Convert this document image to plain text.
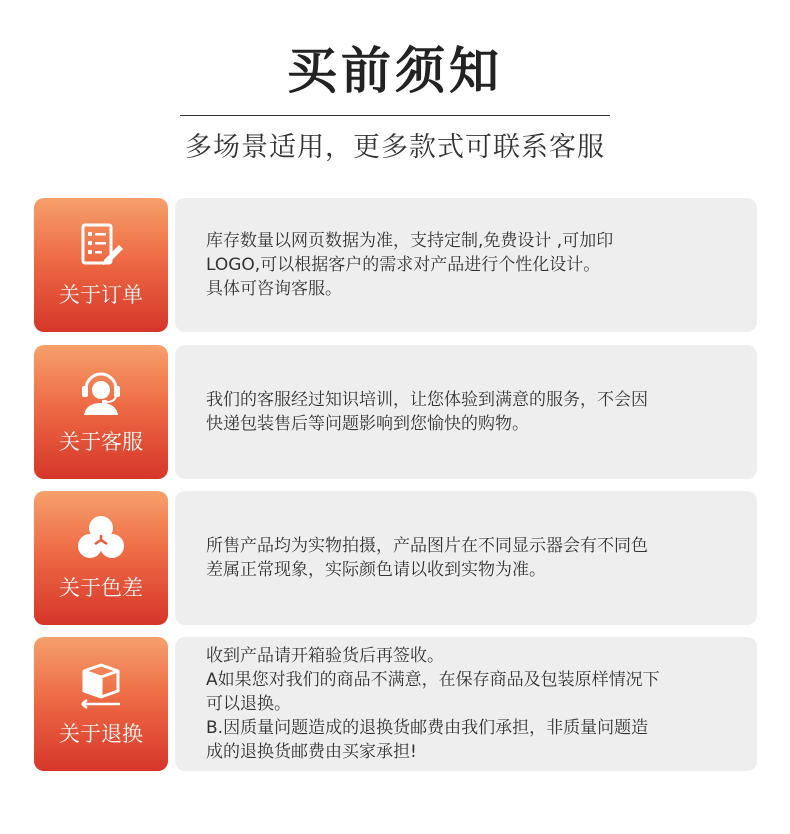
买前须知
多场景适用，更多款式可联系客服
关于订单
库存数量以网页数据为准，支持定制,免费设计 ,可加印
LOGO,可以根据客户的需求对产品进行个性化设计。
具体可咨询客服。
关于客服
我们的客服经过知识培训，让您体验到满意的服务，不会因
快递包装售后等问题影响到您愉快的购物。
关于色差
所售产品均为实物拍摄，产品图片在不同显示器会有不同色
差属正常现象，实际颜色请以收到实物为准。
关于退换
收到产品请开箱验货后再签收。
A如果您对我们的商品不满意，在保存商品及包装原样情况下
可以退换。
B.因质量问题造成的退换货邮费由我们承担，非质量问题造
成的退换货邮费由买家承担!
